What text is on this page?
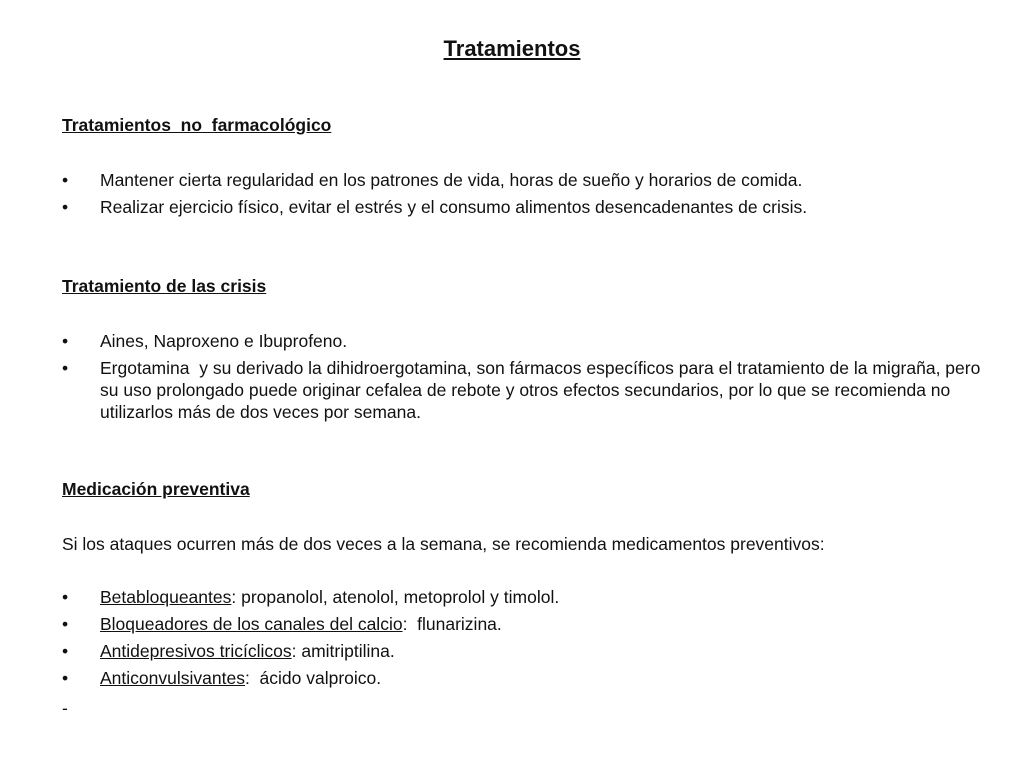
Tratamientos

Tratamientos  no  farmacológico

• Mantener cierta regularidad en los patrones de vida, horas de sueño y horarios de comida.
• Realizar ejercicio físico, evitar el estrés y el consumo alimentos desencadenantes de crisis.

Tratamiento de las crisis

• Aines, Naproxeno e Ibuprofeno.
• Ergotamina  y su derivado la dihidroergotamina, son fármacos específicos para el tratamiento de la migraña, pero su uso prolongado puede originar cefalea de rebote y otros efectos secundarios, por lo que se recomienda no utilizarlos más de dos veces por semana.

Medicación preventiva

Si los ataques ocurren más de dos veces a la semana, se recomienda medicamentos preventivos:

• Betabloqueantes: propanolol, atenolol, metoprolol y timolol.
• Bloqueadores de los canales del calcio:  flunarizina.
• Antidepresivos tricíclicos: amitriptilina.
• Anticonvulsivantes:  ácido valproico.

-
